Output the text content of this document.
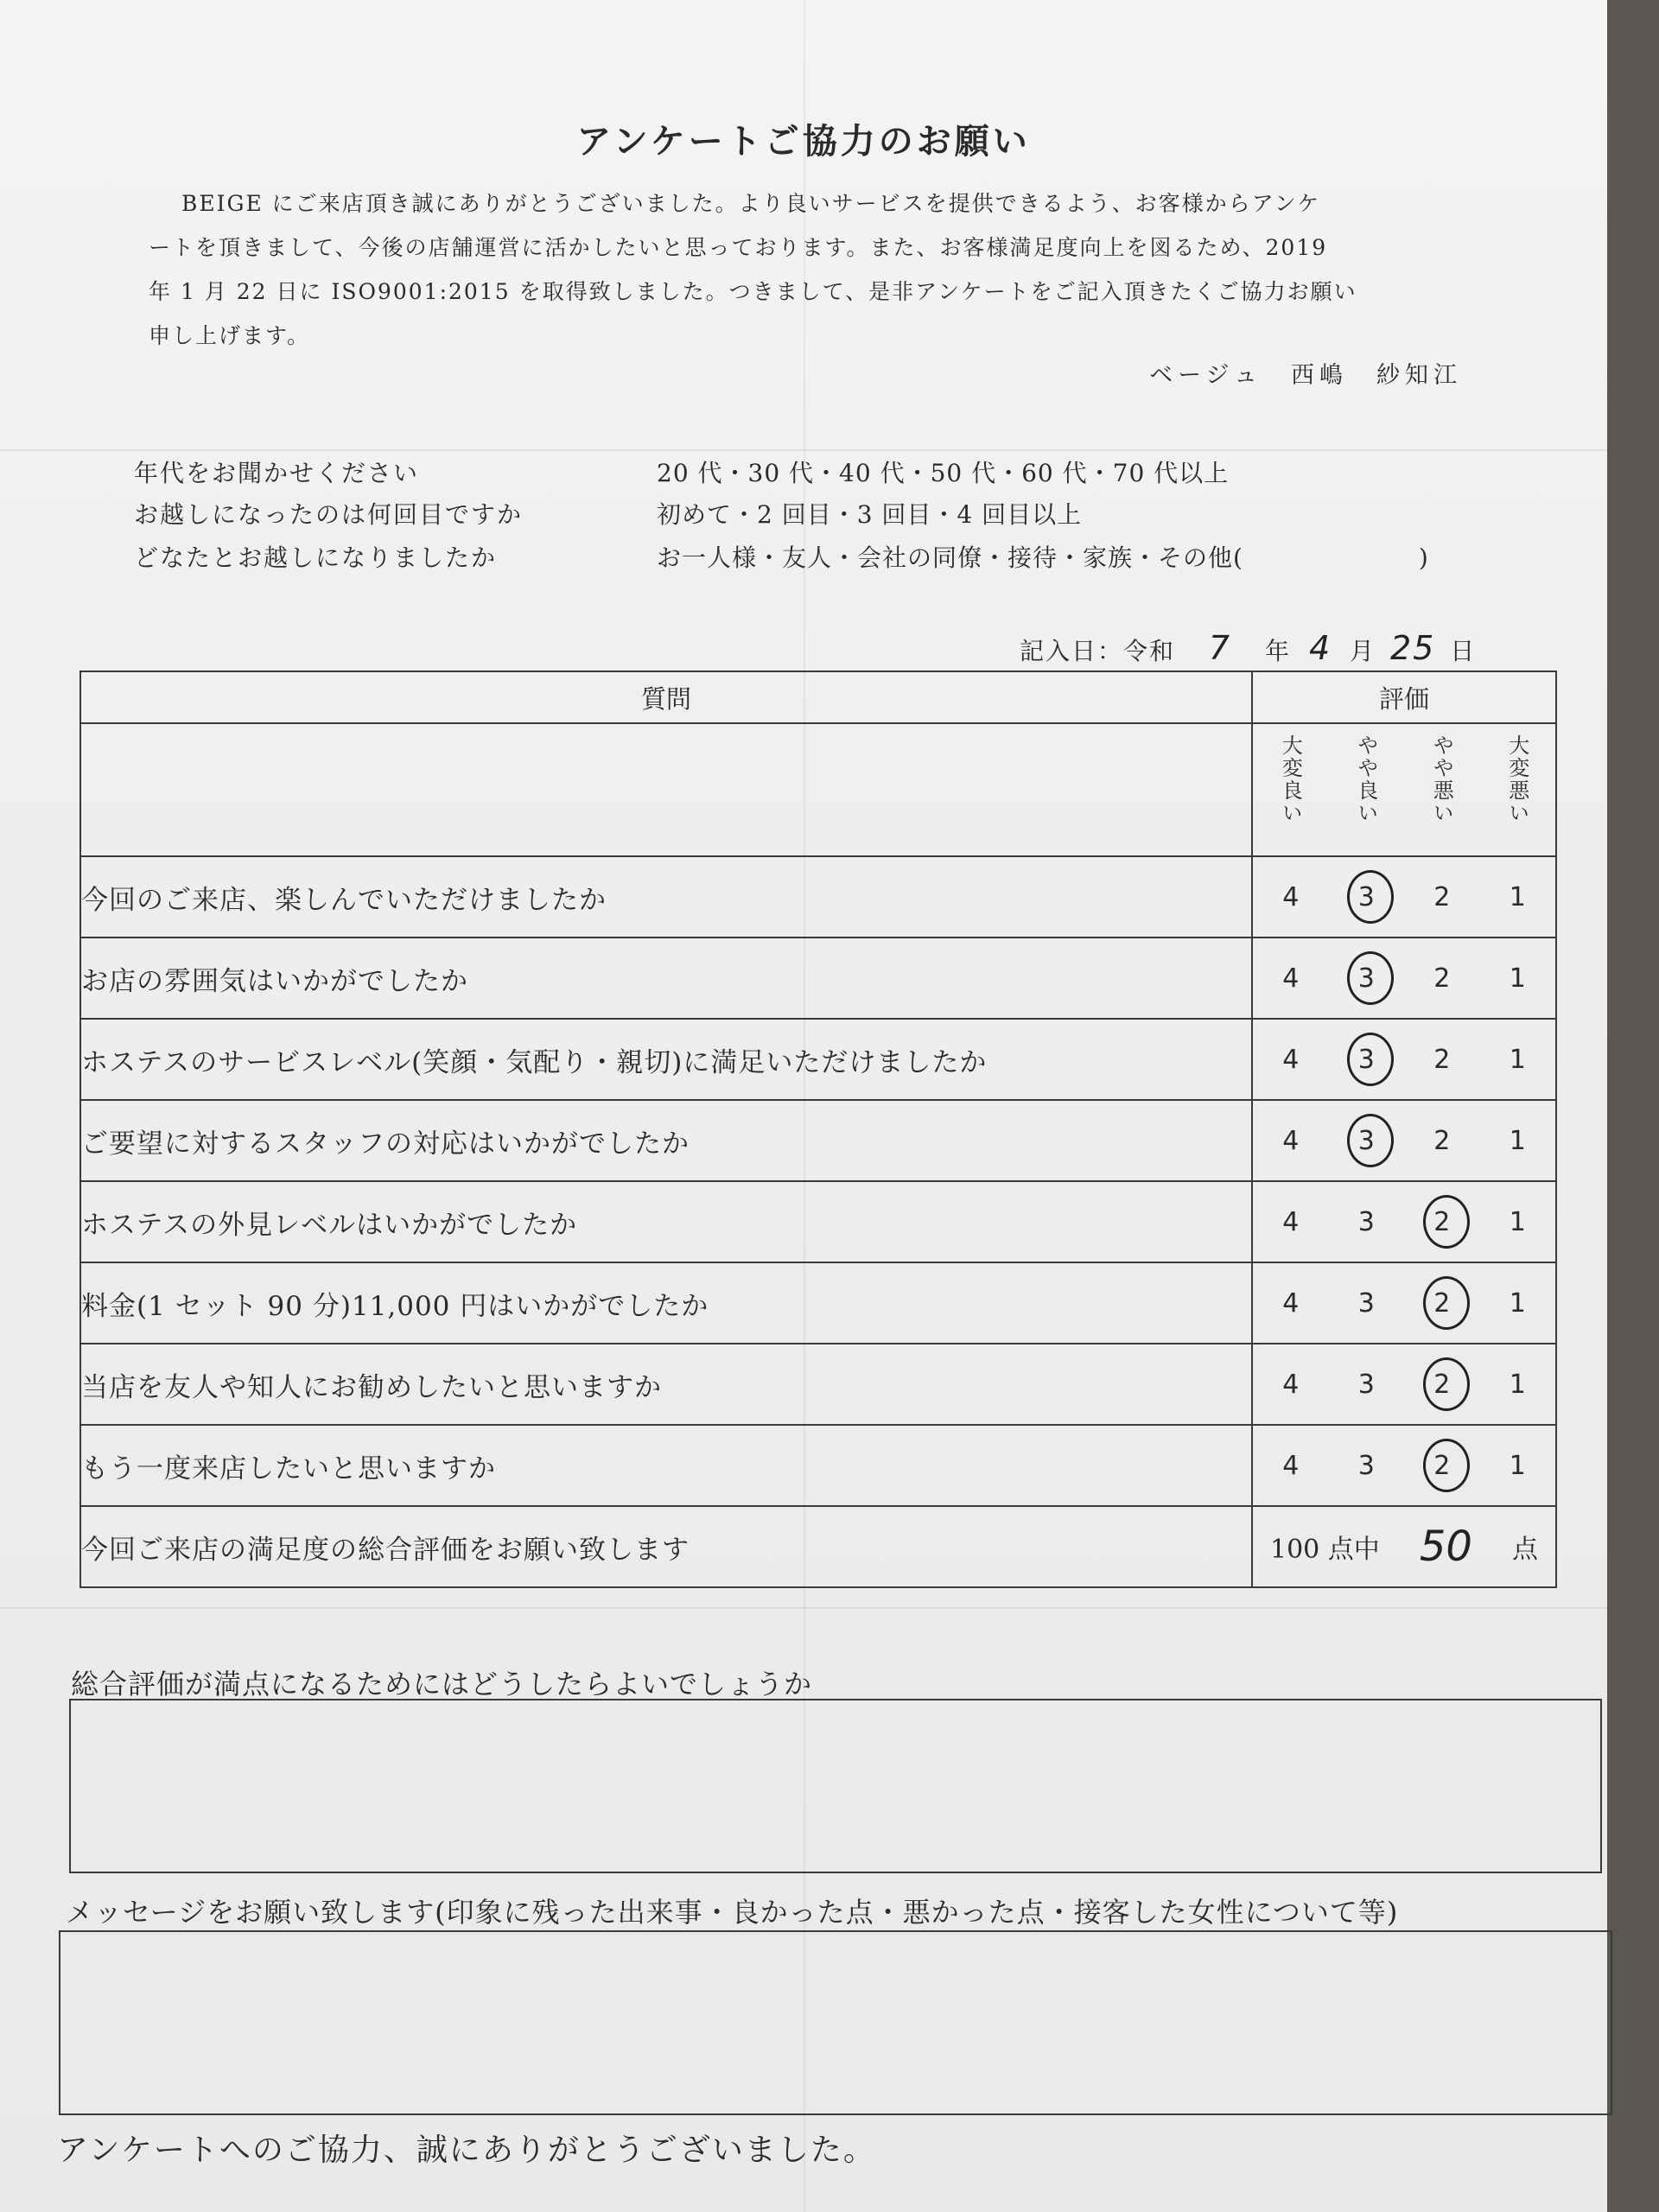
アンケートご協力のお願い

BEIGE にご来店頂き誠にありがとうございました。より良いサービスを提供できるよう、お客様からアンケ

ートを頂きまして、今後の店舗運営に活かしたいと思っております。また、お客様満足度向上を図るため、2019

年 1 月 22 日に ISO9001:2015 を取得致しました。つきまして、是非アンケートをご記入頂きたくご協力お願い

申し上げます。

ベージュ　西嶋　紗知江
年代をお聞かせください	20 代・30 代・40 代・50 代・60 代・70 代以上
お越しになったのは何回目ですか	初めて・2 回目・3 回目・4 回目以上
どなたとお越しになりましたか	お一人様・友人・会社の同僚・接待・家族・その他(　　　　　　　)
記入日：令和 7 年 4 月 25 日
質問	評価

	大変良い やや良い やや悪い 大変悪い

今回のご来店、楽しんでいただけましたか	4 3 2 1

お店の雰囲気はいかがでしたか	4 3 2 1

ホステスのサービスレベル(笑顔・気配り・親切)に満足いただけましたか	4 3 2 1

ご要望に対するスタッフの対応はいかがでしたか	4 3 2 1

ホステスの外見レベルはいかがでしたか	4 3 2 1

料金(1 セット 90 分)11,000 円はいかがでしたか	4 3 2 1

当店を友人や知人にお勧めしたいと思いますか	4 3 2 1

もう一度来店したいと思いますか	4 3 2 1

今回ご来店の満足度の総合評価をお願い致します	100 点中 50 点
総合評価が満点になるためにはどうしたらよいでしょうか
メッセージをお願い致します(印象に残った出来事・良かった点・悪かった点・接客した女性について等)
アンケートへのご協力、誠にありがとうございました。
